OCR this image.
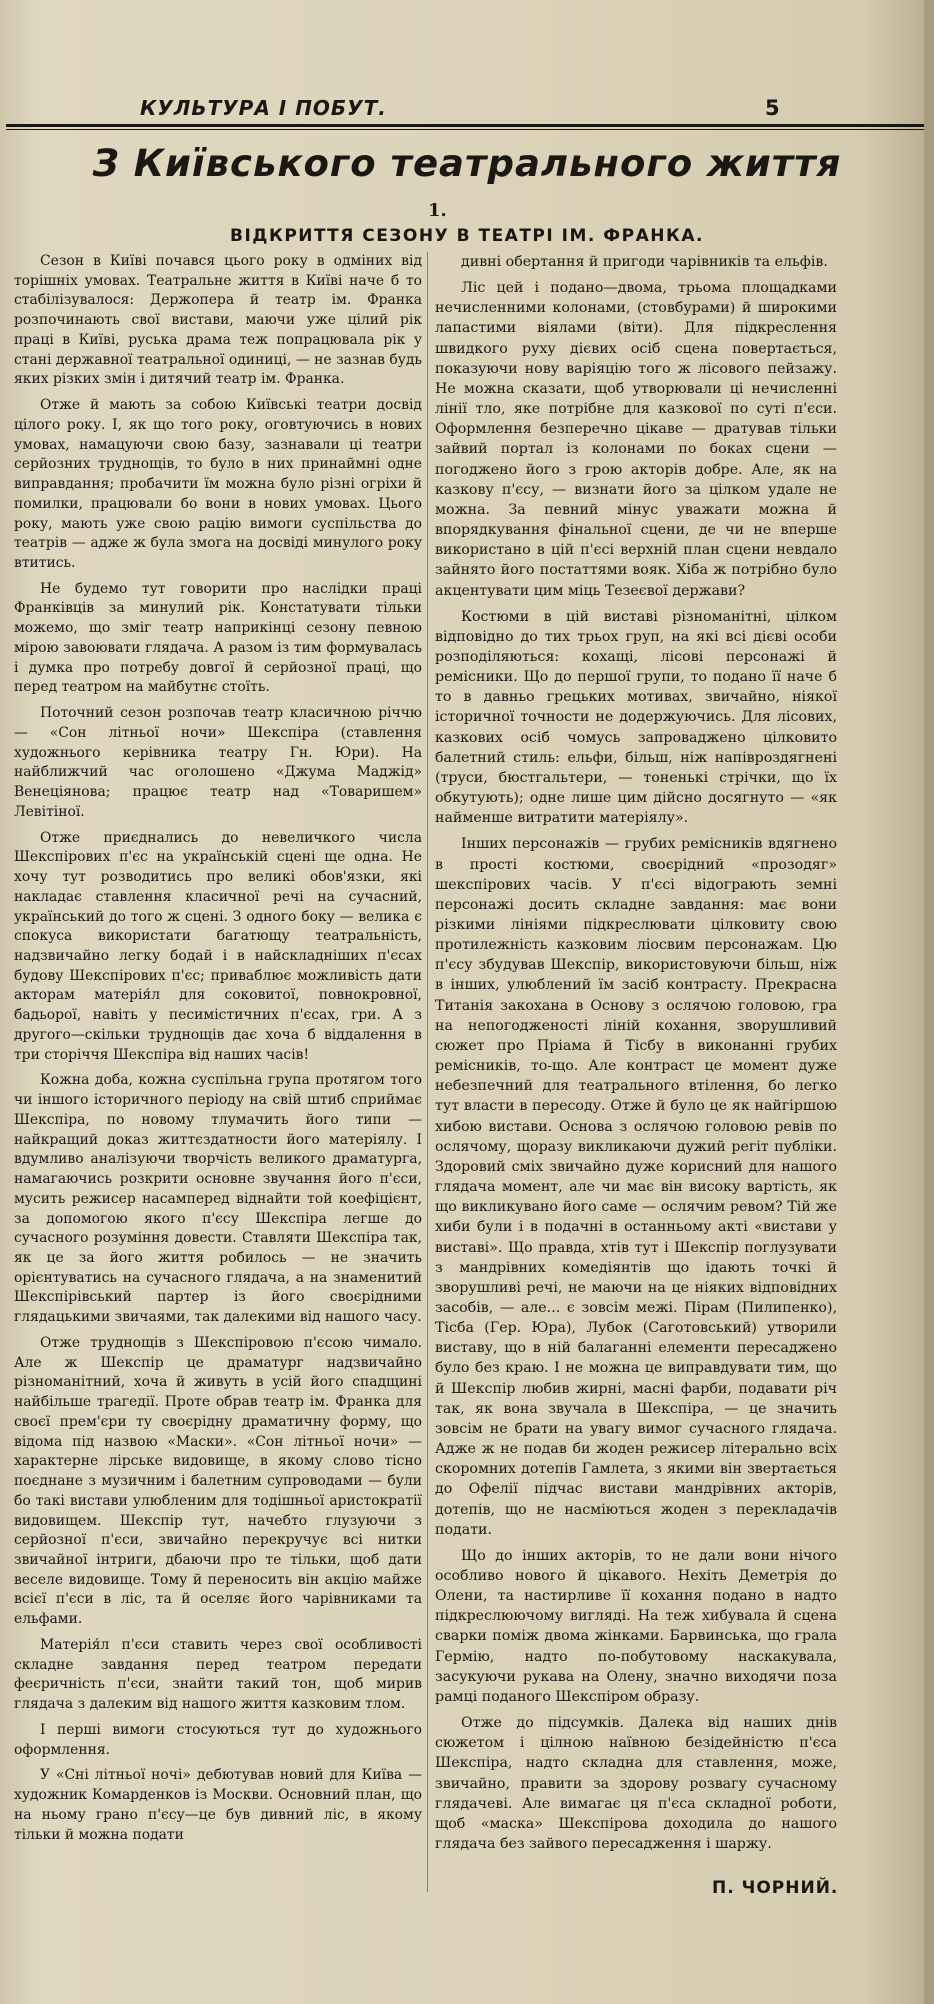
КУЛЬТУРА І ПОБУТ.	5
З Київського театрального життя
1.
ВІДКРИТТЯ СЕЗОНУ В ТЕАТРІ ІМ. ФРАНКА.

Сезон в Київі почався цього року в одміних від торішніх умовах. Театральне життя в Київі наче б то стабілізувалося: Держопера й театр ім. Франка розпочинають свої вистави, маючи уже цілий рік праці в Київі, руська драма теж попрацювала рік у стані державної театральної одиниці, — не зазнав будь яких різких змін і дитячий театр ім. Франка.

Отже й мають за собою Київські театри досвід цілого року. І, як що того року, оговтуючись в нових умовах, намацуючи свою базу, зазнавали ці театри серйозних труднощів, то було в них принаймні одне виправдання; пробачити їм можна було різні огріхи й помилки, працювали бо вони в нових умовах. Цього року, мають уже свою рацію вимоги суспільства до театрів — адже ж була змога на досвіді минулого року втитись.

Не будемо тут говорити про наслідки праці Франківців за минулий рік. Констатувати тільки можемо, що зміг театр наприкінці сезону певною мірою завоювати глядача. А разом із тим формувалась і думка про потребу довгої й серйозної праці, що перед театром на майбутнє стоїть.

Поточний сезон розпочав театр класичною річчю — «Сон літньої ночи» Шекспіра (ставлення художнього керівника театру Гн. Юри). На найближчий час оголошено «Джума Маджід» Венеціянова; працює театр над «Товаришем» Левітіної.

Отже приєднались до невеличкого числа Шекспірових п'єс на українській сцені ще одна. Не хочу тут розводитись про великі обов'язки, які накладає ставлення класичної речі на сучасний, український до того ж сцені. З одного боку — велика є спокуса використати багатющу театральність, надзвичайно легку бодай і в найскладніших п'єсах будову Шекспірових п'єс; приваблює можливість дати акторам матерія́л для соковитої, повнокровної, бадьорої, навіть у песимістичних п'єсах, гри. А з другого—скільки труднощів дає хоча б віддалення в три сторіччя Шекспіра від наших часів!

Кожна доба, кожна суспільна група протягом того чи іншого історичного періоду на свій штиб сприймає Шекспіра, по новому тлумачить його типи — найкращий доказ життєздатности його матеріялу. І вдумливо аналізуючи творчість великого драматурга, намагаючись розкрити основне звучання його п'єси, мусить режисер насамперед віднайти той коефіцієнт, за допомогою якого п'єсу Шекспіра легше до сучасного розуміння довести. Ставляти Шекспіра так, як це за його життя робилось — не значить орієнтуватись на сучасного глядача, а на знаменитий Шекспірівський партер із його своєрідними глядацькими звичаями, так далекими від нашого часу.

Отже труднощів з Шекспіровою п'єсою чимало. Але ж Шекспір це драматург надзвичайно різноманітний, хоча й живуть в усій його спадщині найбільше трагедії. Проте обрав театр ім. Франка для своєї прем'єри ту своєрідну драматичну форму, що відома під назвою «Маски». «Сон літньої ночи» — характерне лірське видовище, в якому слово тісно поєднане з музичним і балетним супроводами — були бо такі вистави улюбленим для тодішньої аристократії видовищем. Шекспір тут, начебто глузуючи з серйозної п'єси, звичайно перекручує всі нитки звичайної інтриги, дбаючи про те тільки, щоб дати веселе видовище. Тому й переносить він акцію майже всієї п'єси в ліс, та й оселяє його чарівниками та ельфами.

Матерія́л п'єси ставить через свої особливості складне завдання перед театром передати феєричність п'єси, знайти такий тон, щоб мирив глядача з далеким від нашого життя казковим тлом.

І перші вимоги стосуються тут до художнього оформлення.

У «Сні літньої ночі» дебютував новий для Київа — художник Комарденков із Москви. Основний план, що на ньому грано п'єсу—це був дивний ліс, в якому тільки й можна подати

дивні обертання й пригоди чарівників та ельфів.

Ліс цей і подано—двома, трьома площадками нечисленними колонами, (стовбурами) й широкими лапастими віялами (віти). Для підкреслення швидкого руху дієвих осіб сцена повертається, показуючи нову варіяцію того ж лісового пейзажу. Не можна сказати, щоб утворювали ці нечисленні лінії тло, яке потрібне для казкової по суті п'єси. Оформлення безперечно цікаве — дратував тільки зайвий портал із колонами по боках сцени — погоджено його з грою акторів добре. Але, як на казкову п'єсу, — визнати його за цілком удале не можна. За певний мінус уважати можна й впорядкування фінальної сцени, де чи не вперше використано в цій п'єсі верхній план сцени невдало зайнято його постаттями вояк. Хіба ж потрібно було акцентувати цим міць Тезеєвої держави?

Костюми в цій виставі різноманітні, цілком відповідно до тих трьох груп, на які всі дієві особи розподіляються: кохащі, лісові персонажі й ремісники. Що до першої групи, то подано її наче б то в давньо грецьких мотивах, звичайно, ніякої історичної точности не додержуючись. Для лісових, казкових осіб чомусь запроваджено цілковито балетний стиль: ельфи, більш, ніж напівроздягнені (труси, бюстгальтери, — тоненькі стрічки, що їх обкутують); одне лише цим дійсно досягнуто — «як найменше витратити матеріялу».

Інших персонажів — грубих ремісників вдягнено в прості костюми, своєрідний «прозодяг» шекспірових часів. У п'єсі відограють земні персонажі досить складне завдання: має вони різкими лініями підкреслювати цілковиту свою протилежність казковим ліосвим персонажам. Цю п'єсу збудував Шекспір, використовуючи більш, ніж в інших, улюблений їм засіб контрасту. Прекрасна Титанія закохана в Основу з ослячою головою, гра на непогодженості ліній кохання, зворушливий сюжет про Пріама й Тісбу в виконанні грубих ремісників, то-що. Але контраст це момент дуже небезпечний для театрального втілення, бо легко тут власти в пересоду. Отже й було це як найгіршою хибою вистави. Основа з ослячою головою ревів по ослячому, щоразу викликаючи дужий регіт публіки. Здоровий сміх звичайно дуже корисний для нашого глядача момент, але чи має він високу вартість, як що викликувано його саме — ослячим ревом? Тій же хиби були і в подачні в останньому акті «вистави у виставі». Що правда, хтів тут і Шекспір поглузувати з мандрівних комедіянтів що ідають точкі й зворушливі речі, не маючи на це ніяких відповідних засобів, — але... є зовсім межі. Пірам (Пилипенко), Тісба (Гер. Юра), Лубок (Саготовський) утворили виставу, що в ній балаганні елементи пересаджено було без краю. І не можна це виправдувати тим, що й Шекспір любив жирні, масні фарби, подавати річ так, як вона звучала в Шекспіра, — це значить зовсім не брати на увагу вимог сучасного глядача. Адже ж не подав би жоден режисер літерально всіх скоромних дотепів Гамлета, з якими він звертається до Офелії підчас вистави мандрівних акторів, дотепів, що не насміються жоден з перекладачів подати.

Що до інших акторів, то не дали вони нічого особливо нового й цікавого. Нехіть Деметрія до Олени, та настирливе її кохання подано в надто підкреслюючому вигляді. На теж хибувала й сцена сварки поміж двома жінками. Барвинська, що грала Гермію, надто по-побутовому наскакувала, засукуючи рукава на Олену, значно виходячи поза рамці поданого Шекспіром образу.

Отже до підсумків. Далека від наших днів сюжетом і цілною наївною безідейністю п'єса Шекспіра, надто складна для ставлення, може, звичайно, правити за здорову розвагу сучасному глядачеві. Але вимагає ця п'єса складної роботи, щоб «маска» Шекспірова доходила до нашого глядача без зайвого пересадження і шаржу.

П. ЧОРНИЙ.
